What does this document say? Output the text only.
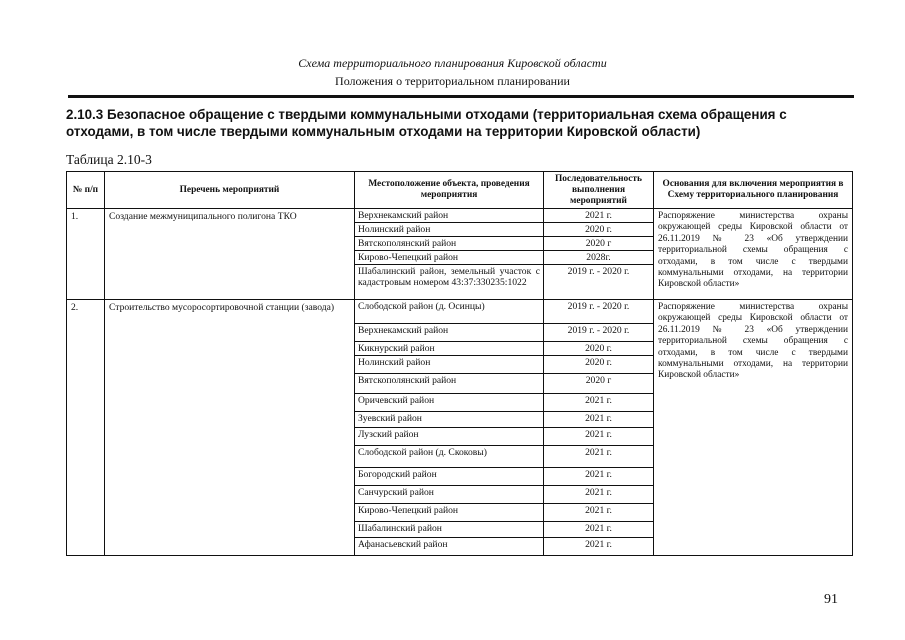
Схема территориального планирования Кировской области
Положения о территориальном планировании
2.10.3 Безопасное обращение с твердыми коммунальными отходами (территориальная схема обращения с
отходами, в том числе твердыми коммунальным отходами на территории Кировской области)
Таблица 2.10-3
№ п/п	Перечень мероприятий	Местоположение объекта, проведения мероприятия	Последовательность выполнения мероприятий	Основания для включения мероприятия в Схему территориального планирования
1.	Создание межмуниципального полигона ТКО	Верхнекамский район	2021 г.	Распоряжение министерства охраны окружающей среды Кировской области от 26.11.2019 № 23 «Об утверждении территориальной схемы обращения с отходами, в том числе с твердыми коммунальными отходами, на территории Кировской области»
		Нолинский район	2020 г.	
		Вятскополянский район	2020 г	
		Кирово-Чепецкий район	2028г.	
		Шабалинский район, земельный участок с кадастровым номером 43:37:330235:1022	2019 г. - 2020 г.	
2.	Строительство мусоросортировочной станции (завода)	Слободской район (д. Осинцы)	2019 г. - 2020 г.	Распоряжение министерства охраны окружающей среды Кировской области от 26.11.2019 № 23 «Об утверждении территориальной схемы обращения с отходами, в том числе с твердыми коммунальными отходами, на территории Кировской области»
		Верхнекамский район	2019 г. - 2020 г.	
		Кикнурский район	2020 г.	
		Нолинский район	2020 г.	
		Вятскополянский район	2020 г	
		Оричевский район	2021 г.	
		Зуевский район	2021 г.	
		Лузский район	2021 г.	
		Слободской район (д. Скоковы)	2021 г.	
		Богородский район	2021 г.	
		Санчурский район	2021 г.	
		Кирово-Чепецкий район	2021 г.	
		Шабалинский район	2021 г.	
		Афанасьевский район	2021 г.	
91
